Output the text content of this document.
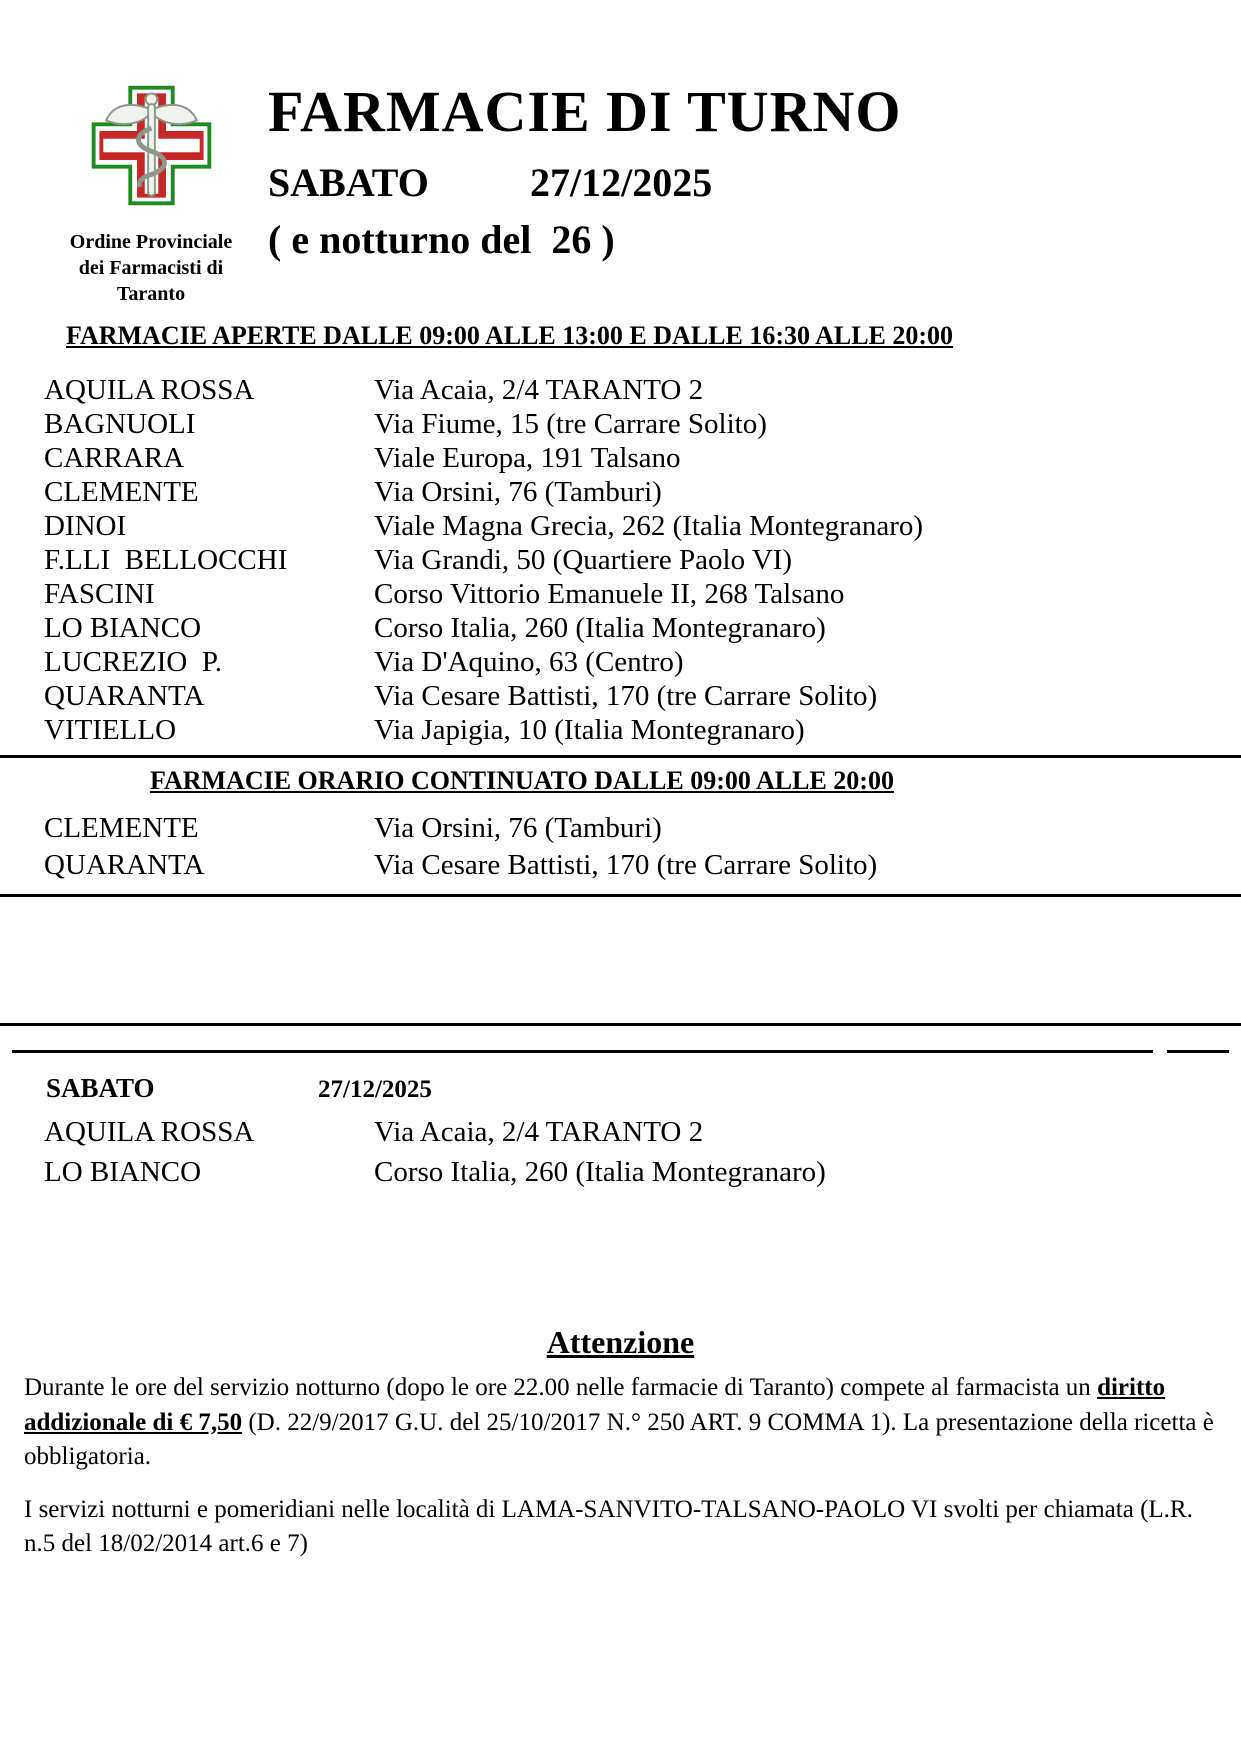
Ordine Provinciale
dei Farmacisti di
Taranto
FARMACIE DI TURNO
SABATO	27/12/2025
( e notturno del  26 )
FARMACIE APERTE DALLE 09:00 ALLE 13:00 E DALLE 16:30 ALLE 20:00
AQUILA ROSSA	Via Acaia, 2/4 TARANTO 2
BAGNUOLI	Via Fiume, 15 (tre Carrare Solito)
CARRARA	Viale Europa, 191 Talsano
CLEMENTE	Via Orsini, 76 (Tamburi)
DINOI	Viale Magna Grecia, 262 (Italia Montegranaro)
F.LLI  BELLOCCHI	Via Grandi, 50 (Quartiere Paolo VI)
FASCINI	Corso Vittorio Emanuele II, 268 Talsano
LO BIANCO	Corso Italia, 260 (Italia Montegranaro)
LUCREZIO  P.	Via D'Aquino, 63 (Centro)
QUARANTA	Via Cesare Battisti, 170 (tre Carrare Solito)
VITIELLO	Via Japigia, 10 (Italia Montegranaro)
FARMACIE ORARIO CONTINUATO DALLE 09:00 ALLE 20:00
CLEMENTE	Via Orsini, 76 (Tamburi)
QUARANTA	Via Cesare Battisti, 170 (tre Carrare Solito)
SABATO	27/12/2025
AQUILA ROSSA	Via Acaia, 2/4 TARANTO 2
LO BIANCO	Corso Italia, 260 (Italia Montegranaro)
Attenzione

Durante le ore del servizio notturno (dopo le ore 22.00 nelle farmacie di Taranto) compete al farmacista un diritto addizionale di € 7,50 (D. 22/9/2017 G.U. del 25/10/2017 N.° 250 ART. 9 COMMA 1). La presentazione della ricetta è obbligatoria.

I servizi notturni e pomeridiani nelle località di LAMA-SANVITO-TALSANO-PAOLO VI svolti per chiamata (L.R. n.5 del 18/02/2014 art.6 e 7)
